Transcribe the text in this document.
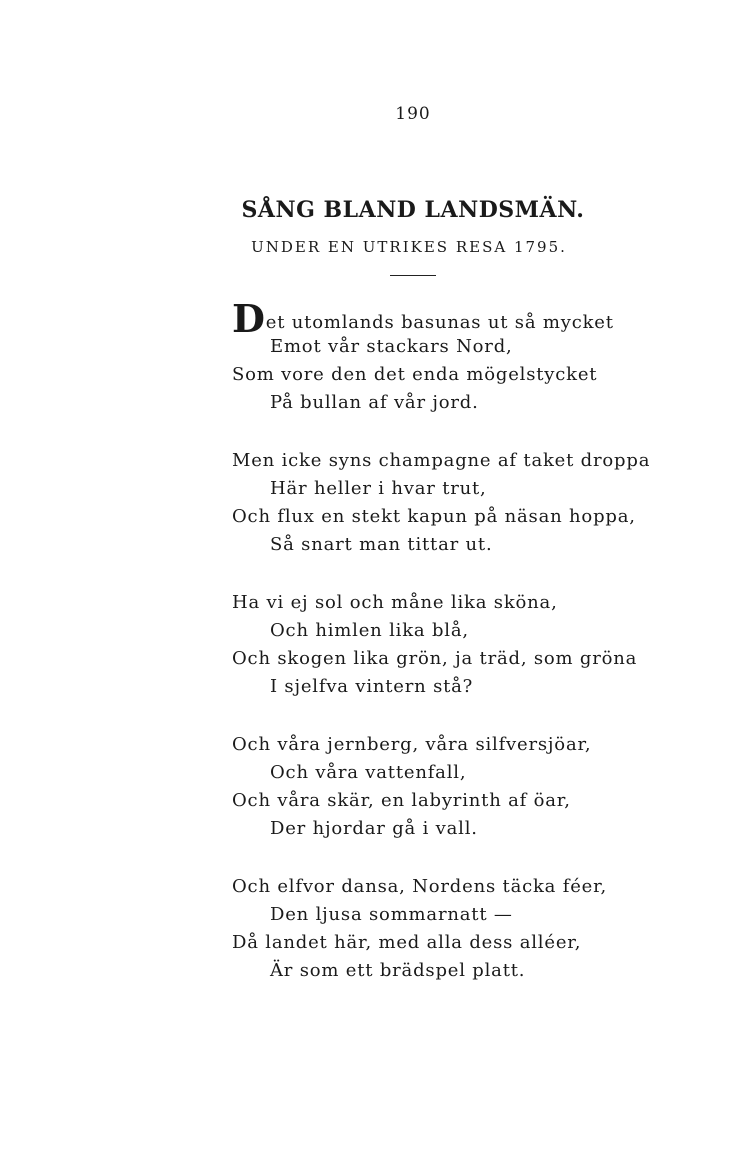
190
SÅNG BLAND LANDSMÄN.
UNDER EN UTRIKES RESA 1795.
Det utomlands basunas ut så mycket
Emot vår stackars Nord,
Som vore den det enda mögelstycket
På bullan af vår jord.
Men icke syns champagne af taket droppa
Här heller i hvar trut,
Och flux en stekt kapun på näsan hoppa,
Så snart man tittar ut.
Ha vi ej sol och måne lika sköna,
Och himlen lika blå,
Och skogen lika grön, ja träd, som gröna
I sjelfva vintern stå?
Och våra jernberg, våra silfversjöar,
Och våra vattenfall,
Och våra skär, en labyrinth af öar,
Der hjordar gå i vall.
Och elfvor dansa, Nordens täcka féer,
Den ljusa sommarnatt —
Då landet här, med alla dess alléer,
Är som ett brädspel platt.
